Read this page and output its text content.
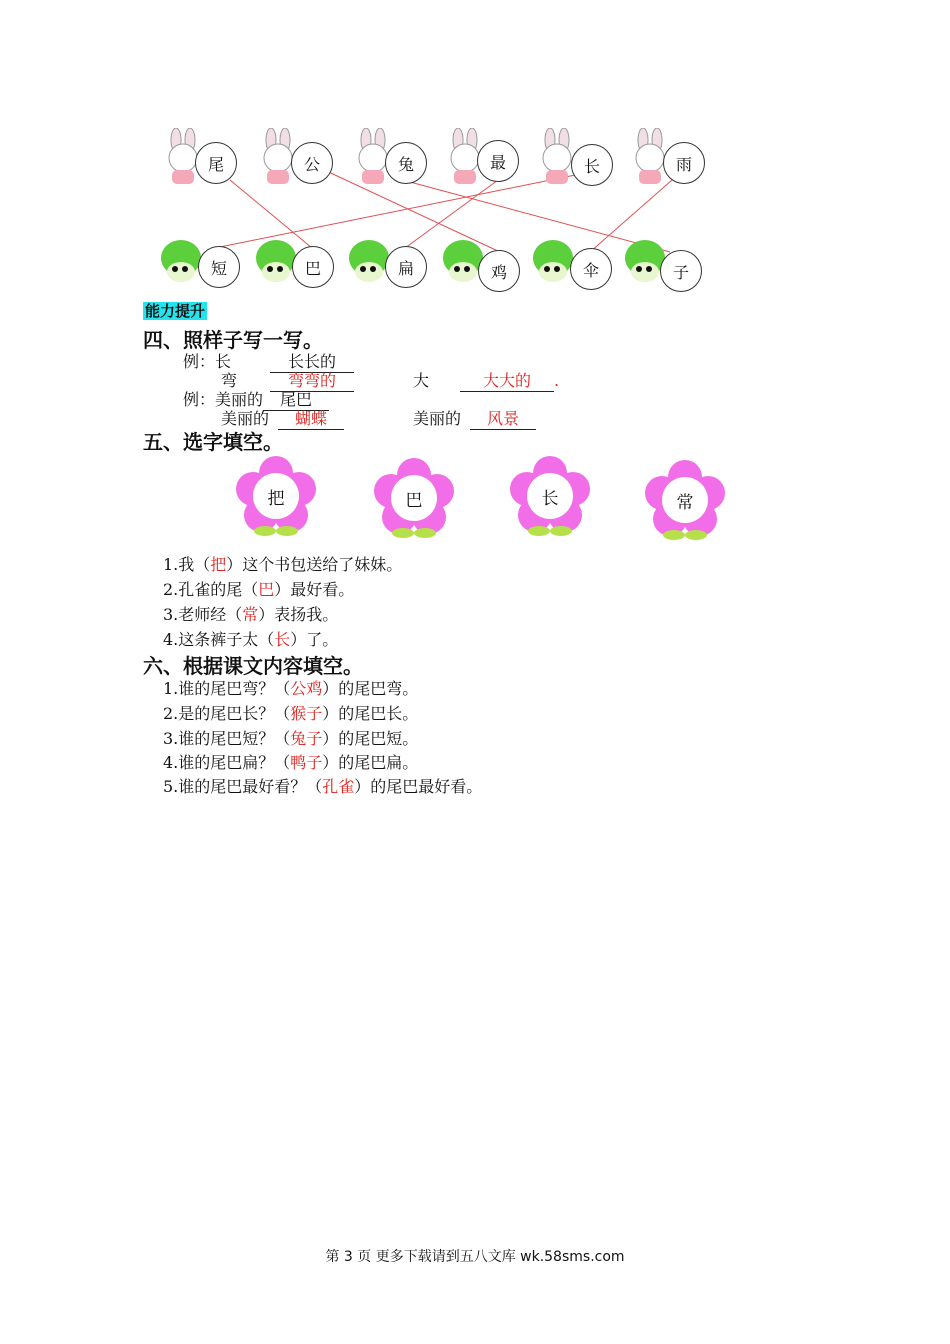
尾	公	兔	最	长	雨
短	巴	扁	鸡	伞	子
能力提升
四、照样子写一写。
例：长	长长的
弯	弯弯的	大	大大的 .
例：美丽的 尾巴
美丽的	蝴蝶	美丽的	风景
五、选字填空。
把	巴	长	常
1.我（把）这个书包送给了妹妹。
2.孔雀的尾（巴）最好看。
3.老师经（常）表扬我。
4.这条裤子太（长）了。
六、根据课文内容填空。
1.谁的尾巴弯？（公鸡）的尾巴弯。
2.是的尾巴长？（猴子）的尾巴长。
3.谁的尾巴短？（兔子）的尾巴短。
4.谁的尾巴扁？（鸭子）的尾巴扁。
5.谁的尾巴最好看？（孔雀）的尾巴最好看。
第 3 页 更多下载请到五八文库 wk.58sms.com
